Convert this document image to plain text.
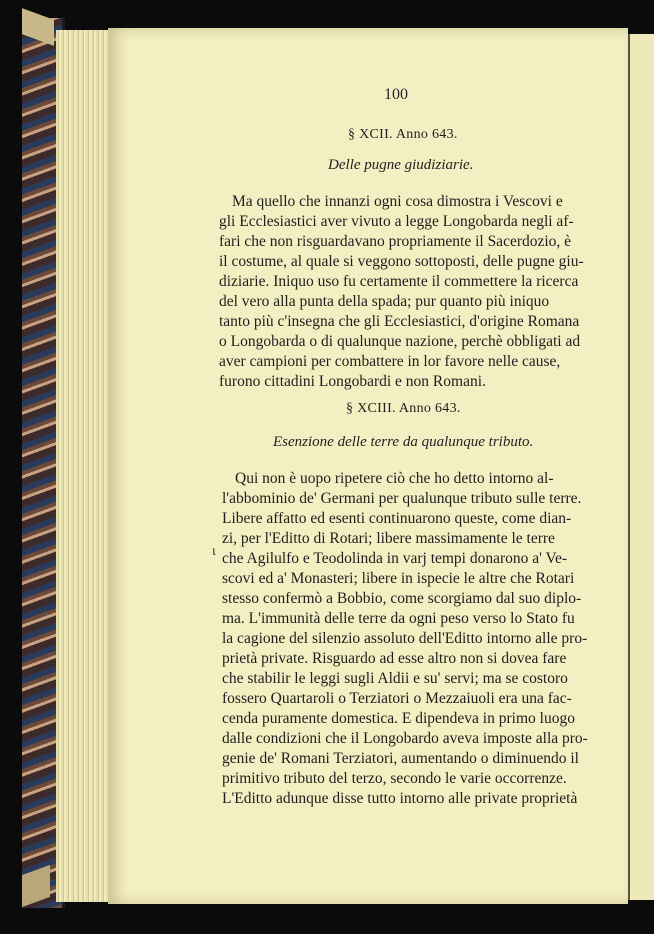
100
§ XCII. Anno 643.
Delle pugne giudiziarie.
Ma quello che innanzi ogni cosa dimostra i Vescovi e
gli Ecclesiastici aver vivuto a legge Longobarda negli af-
fari che non risguardavano propriamente il Sacerdozio, è
il costume, al quale si veggono sottoposti, delle pugne giu-
diziarie. Iniquo uso fu certamente il commettere la ricerca
del vero alla punta della spada; pur quanto più iniquo
tanto più c'insegna che gli Ecclesiastici, d'origine Romana
o Longobarda o di qualunque nazione, perchè obbligati ad
aver campioni per combattere in lor favore nelle cause,
furono cittadini Longobardi e non Romani.
§ XCIII. Anno 643.
Esenzione delle terre da qualunque tributo.
ι
Qui non è uopo ripetere ciò che ho detto intorno al-
l'abbominio de' Germani per qualunque tributo sulle terre.
Libere affatto ed esenti continuarono queste, come dian-
zi, per l'Editto di Rotari; libere massimamente le terre
che Agilulfo e Teodolinda in varj tempi donarono a' Ve-
scovi ed a' Monasteri; libere in ispecie le altre che Rotari
stesso confermò a Bobbio, come scorgiamo dal suo diplo-
ma. L'immunità delle terre da ogni peso verso lo Stato fu
la cagione del silenzio assoluto dell'Editto intorno alle pro-
prietà private. Risguardo ad esse altro non si dovea fare
che stabilir le leggi sugli Aldii e su' servi; ma se costoro
fossero Quartaroli o Terziatori o Mezzaiuoli era una fac-
cenda puramente domestica. E dipendeva in primo luogo
dalle condizioni che il Longobardo aveva imposte alla pro-
genie de' Romani Terziatori, aumentando o diminuendo il
primitivo tributo del terzo, secondo le varie occorrenze.
L'Editto adunque disse tutto intorno alle private proprietà
